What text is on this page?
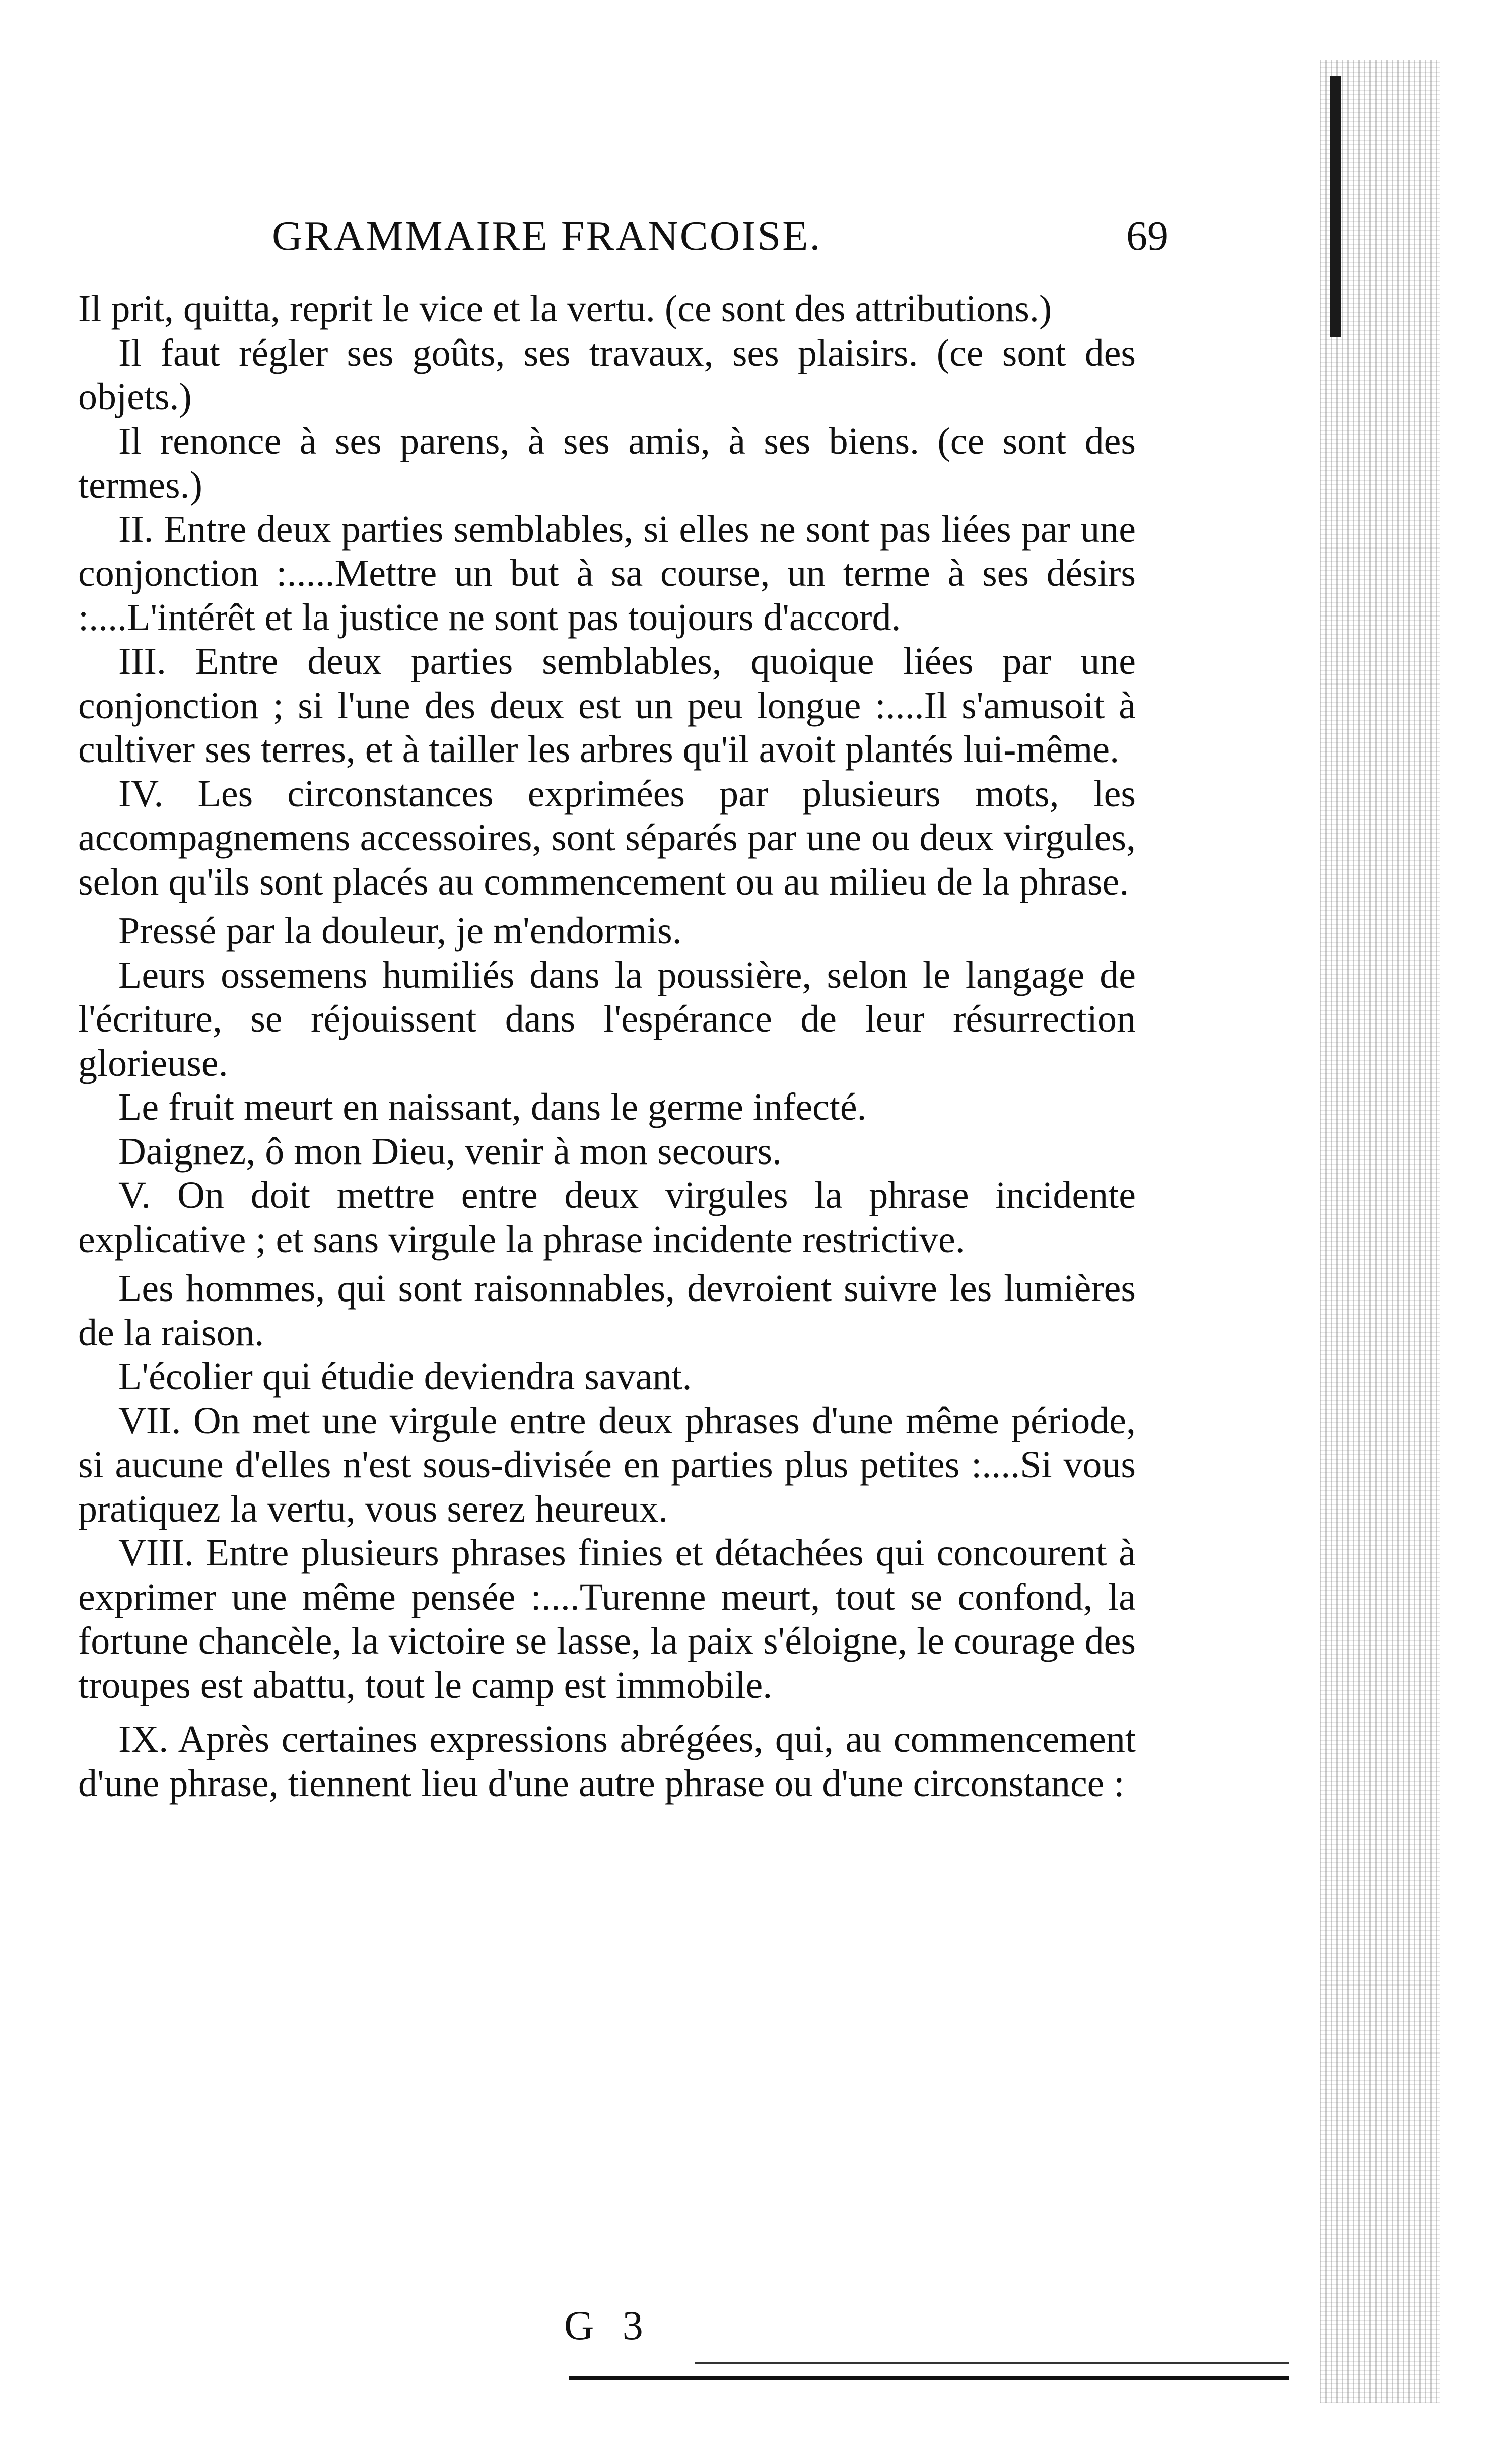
GRAMMAIRE FRANCOISE.	69

Il prit, quitta, reprit le vice et la vertu. (ce sont des attributions.)

Il faut régler ses goûts, ses travaux, ses plaisirs. (ce sont des objets.)

Il renonce à ses parens, à ses amis, à ses biens. (ce sont des termes.)

II. Entre deux parties semblables, si elles ne sont pas liées par une conjonction :.....Mettre un but à sa course, un terme à ses désirs :....L'intérêt et la justice ne sont pas toujours d'accord.

III. Entre deux parties semblables, quoique liées par une conjonction ; si l'une des deux est un peu longue :....Il s'amusoit à cultiver ses terres, et à tailler les arbres qu'il avoit plantés lui-même.

IV. Les circonstances exprimées par plusieurs mots, les accompagnemens accessoires, sont séparés par une ou deux virgules, selon qu'ils sont placés au commencement ou au milieu de la phrase.

Pressé par la douleur, je m'endormis.

Leurs ossemens humiliés dans la poussière, selon le langage de l'écriture, se réjouissent dans l'espérance de leur résurrection glorieuse.

Le fruit meurt en naissant, dans le germe infecté.

Daignez, ô mon Dieu, venir à mon secours.

V. On doit mettre entre deux virgules la phrase incidente explicative ; et sans virgule la phrase incidente restrictive.

Les hommes, qui sont raisonnables, devroient suivre les lumières de la raison.

L'écolier qui étudie deviendra savant.

VII. On met une virgule entre deux phrases d'une même période, si aucune d'elles n'est sous-divisée en parties plus petites :....Si vous pratiquez la vertu, vous serez heureux.

VIII. Entre plusieurs phrases finies et détachées qui concourent à exprimer une même pensée :....Turenne meurt, tout se confond, la fortune chancèle, la victoire se lasse, la paix s'éloigne, le courage des troupes est abattu, tout le camp est immobile.

IX. Après certaines expressions abrégées, qui, au commencement d'une phrase, tiennent lieu d'une autre phrase ou d'une circonstance :

G 3
